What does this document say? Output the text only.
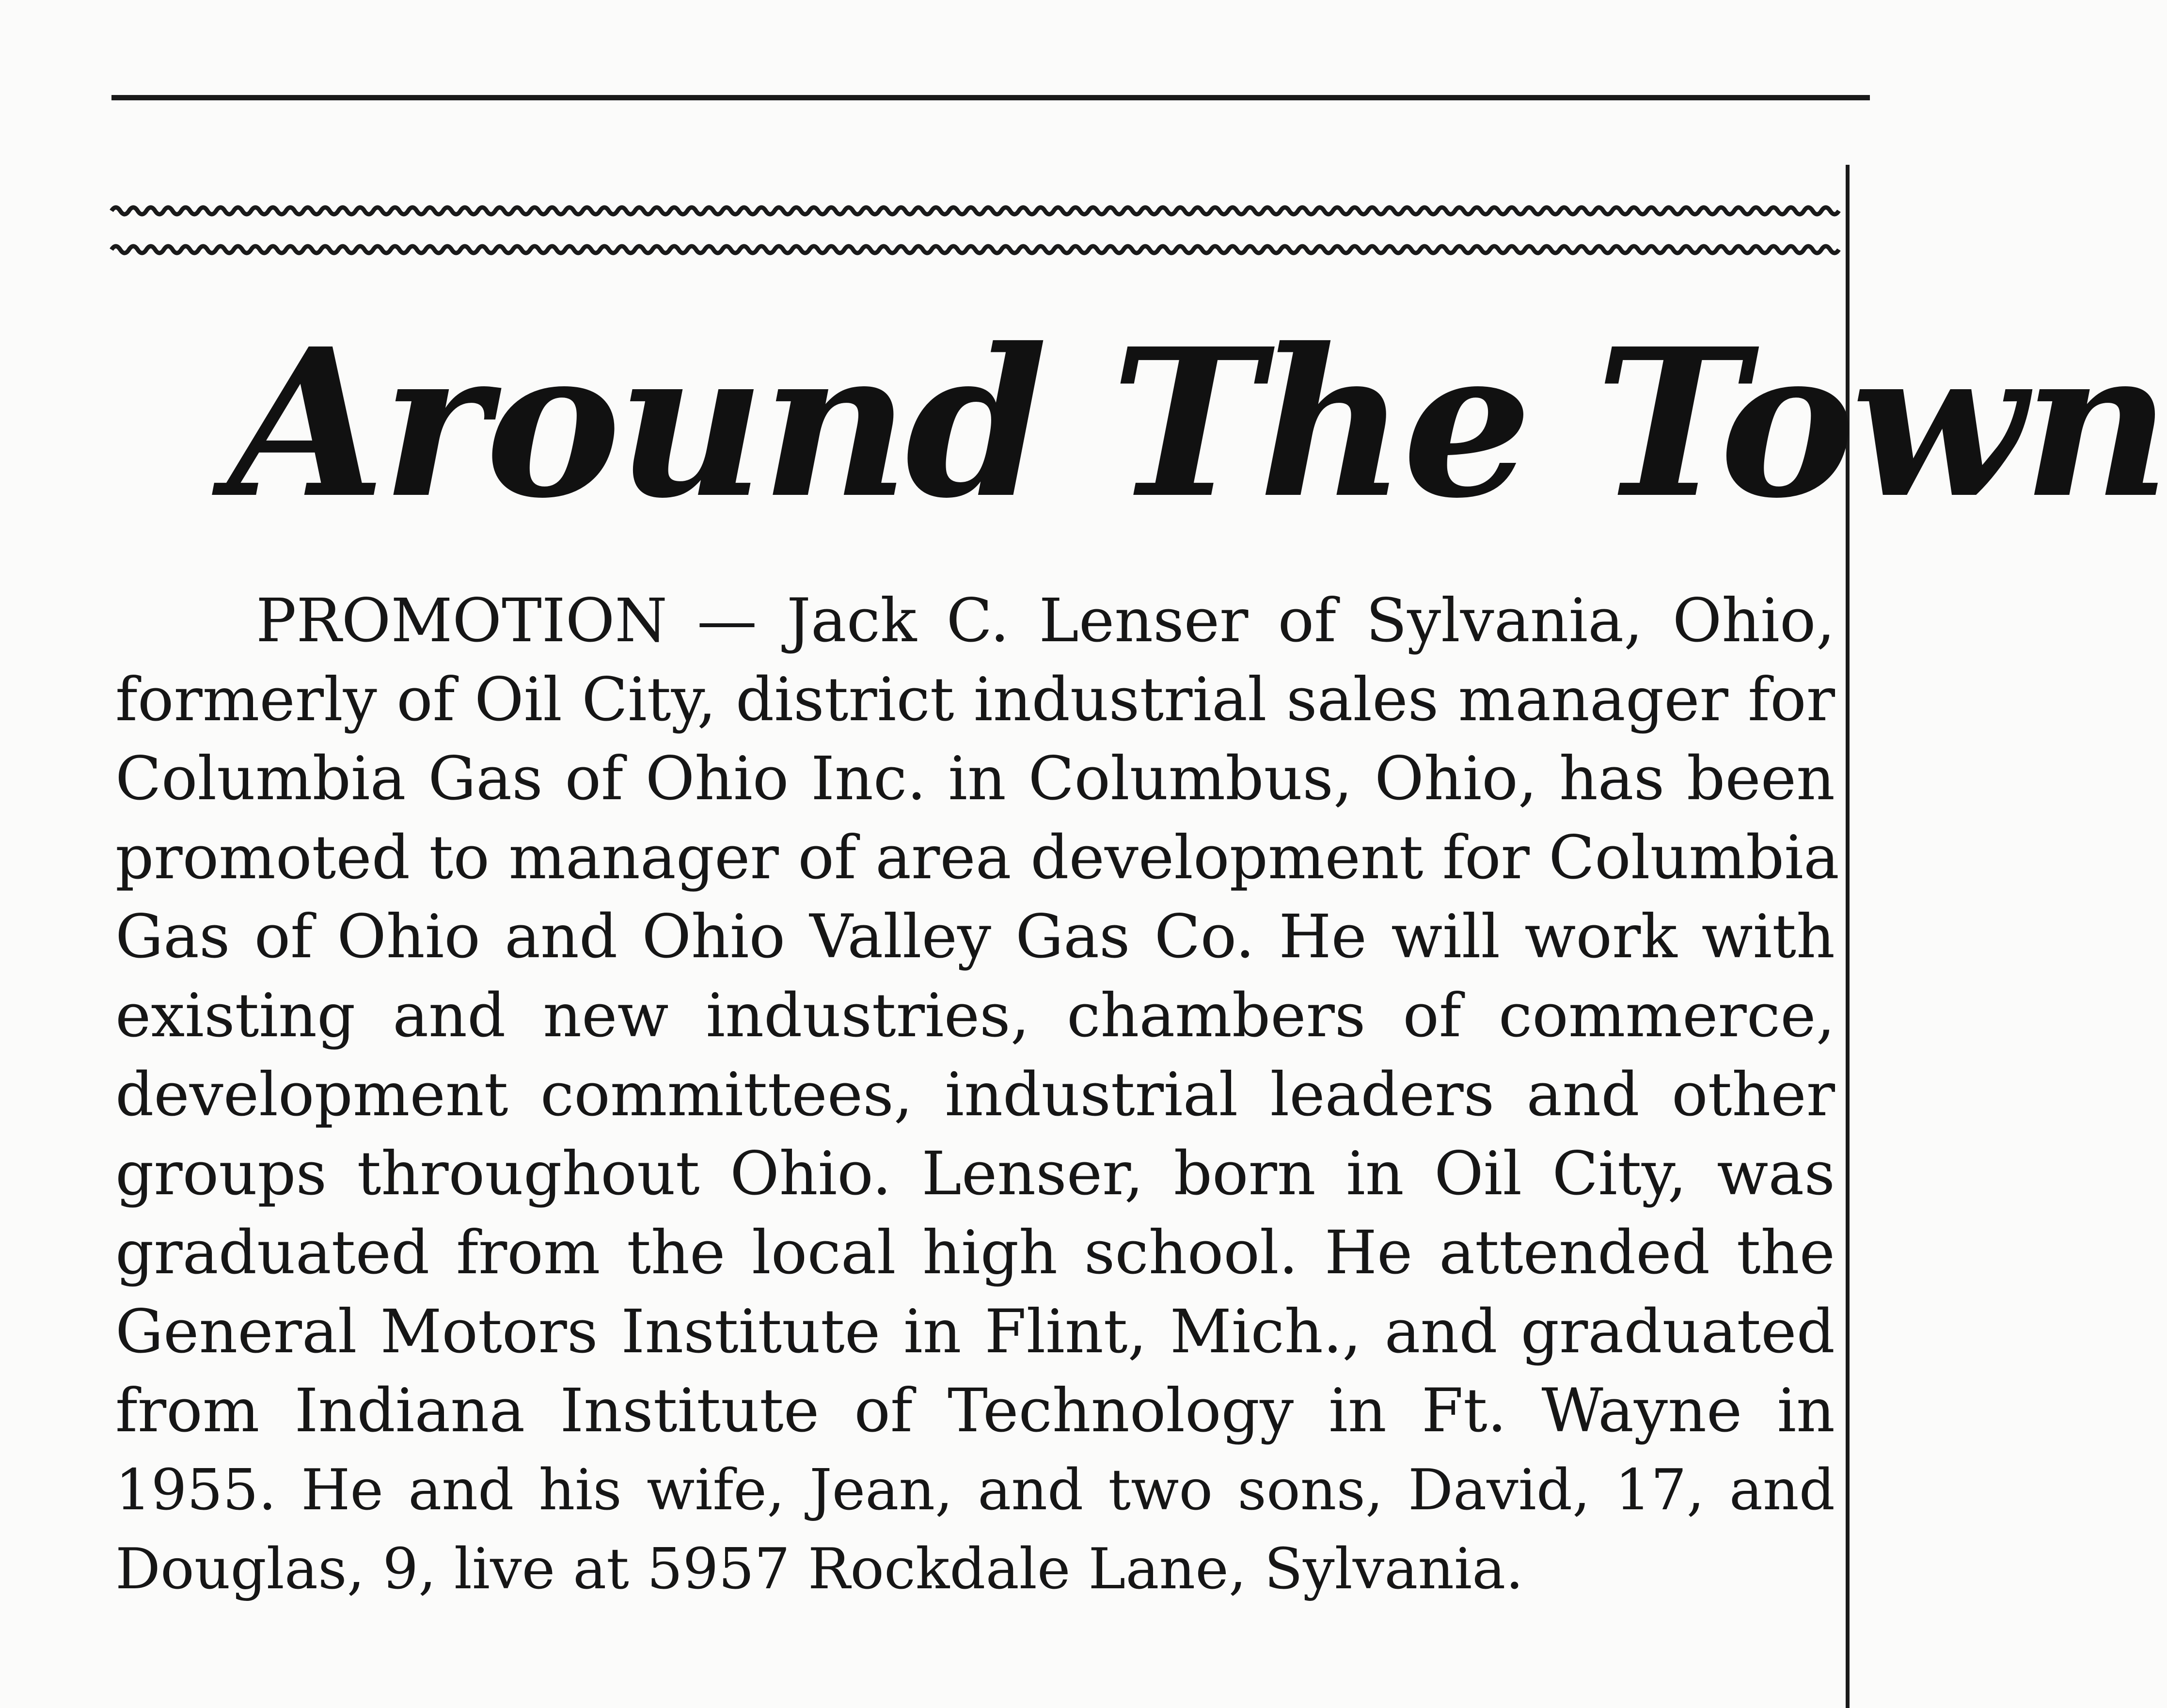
Around The Town
PROMOTION — Jack C. Lenser of Sylvania, Ohio,
formerly of Oil City, district industrial sales manager for
Columbia Gas of Ohio Inc. in Columbus, Ohio, has been
promoted to manager of area development for Columbia
Gas of Ohio and Ohio Valley Gas Co. He will work with
existing and new industries, chambers of commerce,
development committees, industrial leaders and other
groups throughout Ohio. Lenser, born in Oil City, was
graduated from the local high school. He attended the
General Motors Institute in Flint, Mich., and graduated
from Indiana Institute of Technology in Ft. Wayne in
1955. He and his wife, Jean, and two sons, David, 17, and
Douglas, 9, live at 5957 Rockdale Lane, Sylvania.
